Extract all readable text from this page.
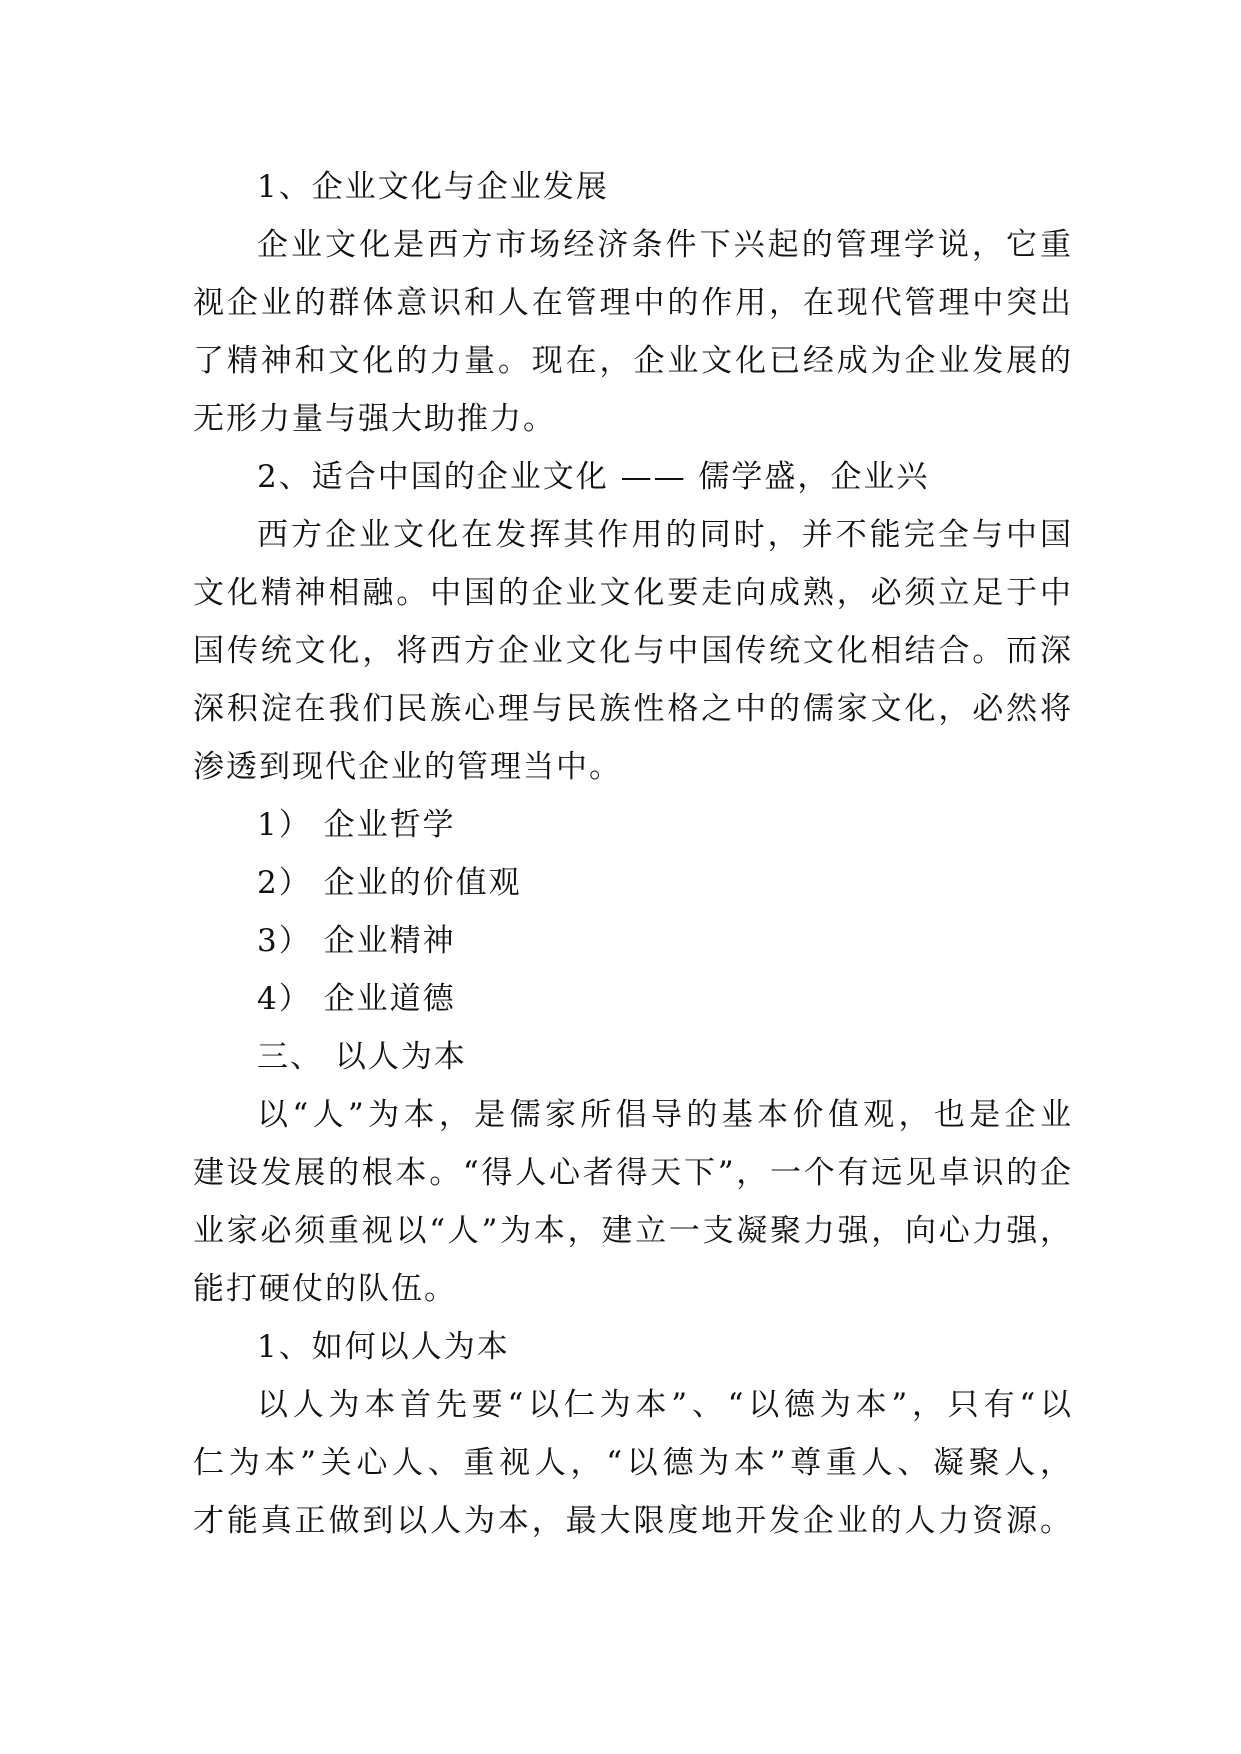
1、企业文化与企业发展
企业文化是西方市场经济条件下兴起的管理学说，它重
视企业的群体意识和人在管理中的作用，在现代管理中突出
了精神和文化的力量。现在，企业文化已经成为企业发展的
无形力量与强大助推力。
2、适合中国的企业文化 —— 儒学盛，企业兴
西方企业文化在发挥其作用的同时，并不能完全与中国
文化精神相融。中国的企业文化要走向成熟，必须立足于中
国传统文化，将西方企业文化与中国传统文化相结合。而深
深积淀在我们民族心理与民族性格之中的儒家文化，必然将
渗透到现代企业的管理当中。
1） 企业哲学
2） 企业的价值观
3） 企业精神
4） 企业道德
三、 以人为本
以“人”为本，是儒家所倡导的基本价值观，也是企业
建设发展的根本。“得人心者得天下”，一个有远见卓识的企
业家必须重视以“人”为本，建立一支凝聚力强，向心力强，
能打硬仗的队伍。
1、如何以人为本
以人为本首先要“以仁为本”、“以德为本”，只有“以
仁为本”关心人、重视人，“以德为本”尊重人、凝聚人，
才能真正做到以人为本，最大限度地开发企业的人力资源。
